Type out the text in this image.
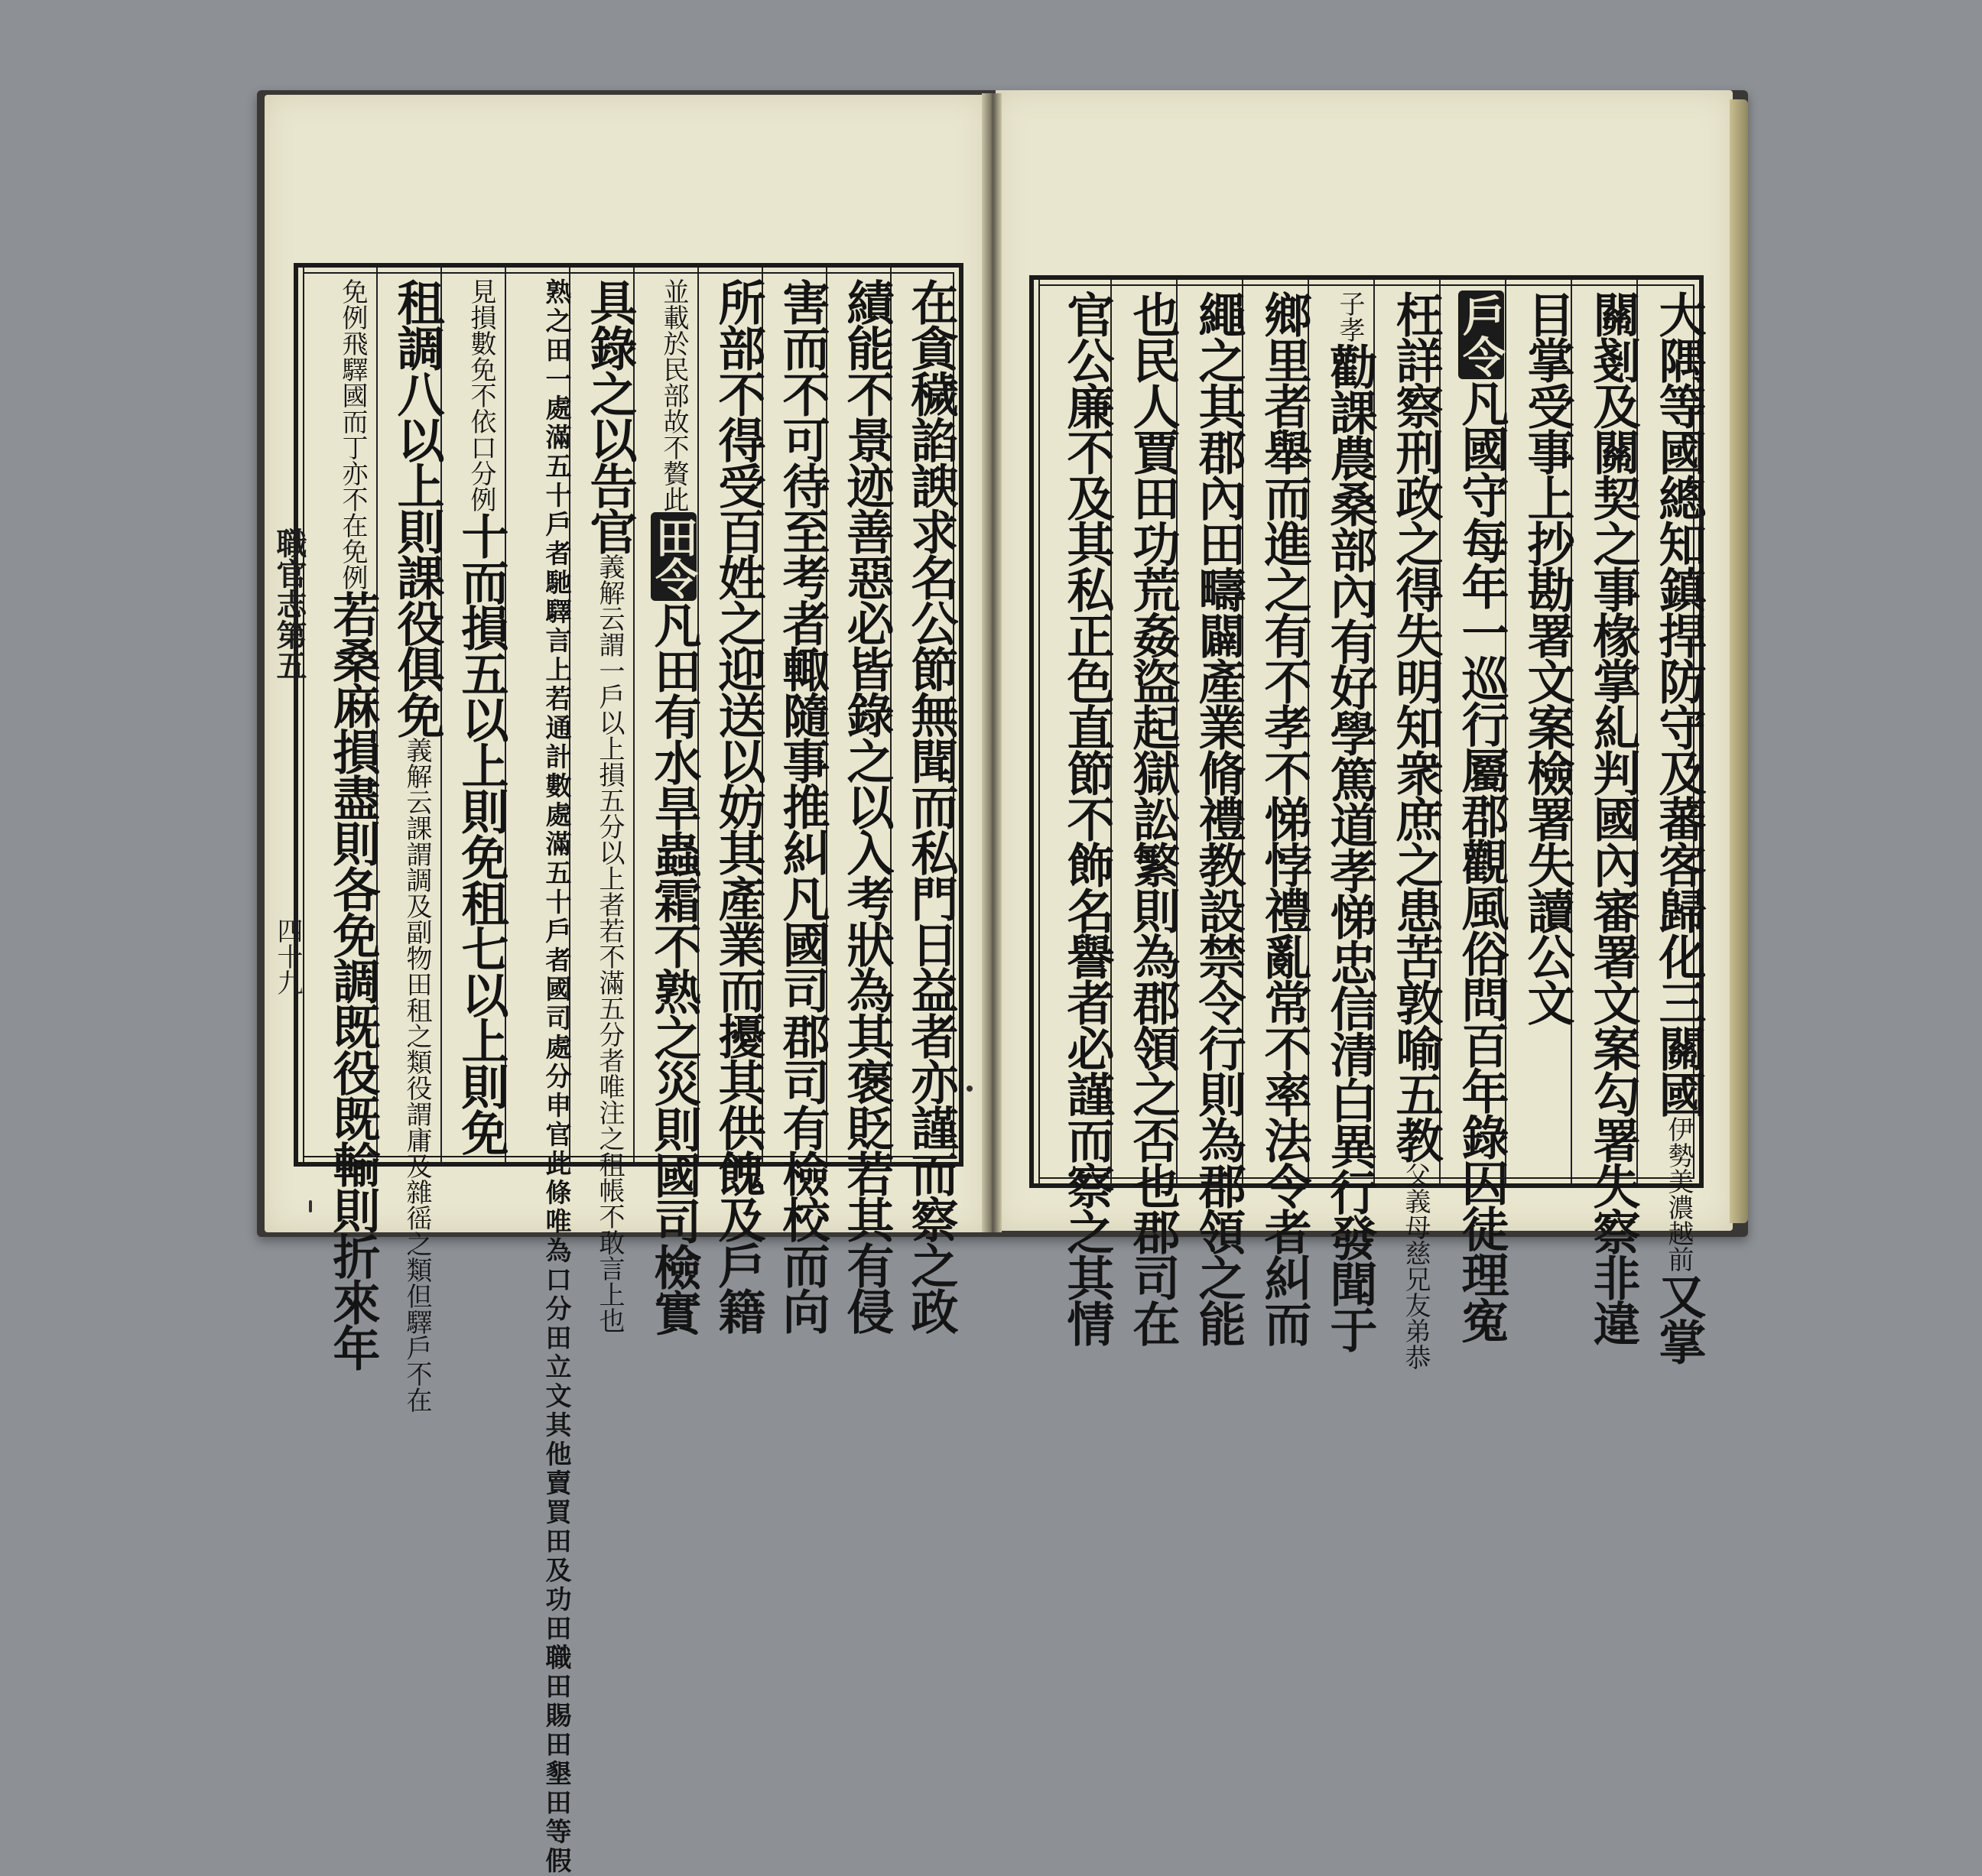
在貪穢諂諛求名公節無聞而私門日益者亦謹而察之政
績能不景迹善惡必皆錄之以入考狀為其褒貶若其有侵
害而不可待至考者輙隨事推糾凡國司郡司有檢校而向
所部不得受百姓之迎送以妨其產業而擾其供餽及戶籍
並載於民部故不贅此田令凡田有水旱蟲霜不熟之災則國司檢實
具錄之以告官義解云謂一戶以上損五分以上者若不滿五分者唯注之租帳不敢言上也
熟之田一處滿五十戶者馳驛言上若通計數處滿五十戶者國司處分申官此條唯為口分田立文其他賣買田及功田職田賜田墾田等假
見損數免不依口分例十而損五以上則免租七以上則免
租調八以上則課役俱免義解云課謂調及副物田租之類役謂庸及雜徭之類但驛戶不在
免例飛驛國而丁亦不在免例若桑麻損盡則各免調既役既輸則折來年
職官志第五
四十九	大隅等國總知鎮捍防守及蕃客歸化三關國伊勢美濃越前又掌
關剗及關契之事椽掌糺判國內審署文案勾署失察非違
目掌受事上抄勘署文案檢署失讀公文
戶令凡國守每年一巡行屬郡觀風俗問百年錄囚徒理寃
枉詳察刑政之得失明知衆庶之患苦敦喻五教父義母慈兄友弟恭
子孝勸課農桑部內有好學篤道孝悌忠信清白異行發聞于
鄉里者舉而進之有不孝不悌悖禮亂常不率法令者糾而
繩之其郡內田疇闢產業脩禮教設禁令行則為郡領之能
也民人賈田功荒姦盜起獄訟繁則為郡領之否也郡司在
官公廉不及其私正色直節不飾名譽者必謹而察之其情
